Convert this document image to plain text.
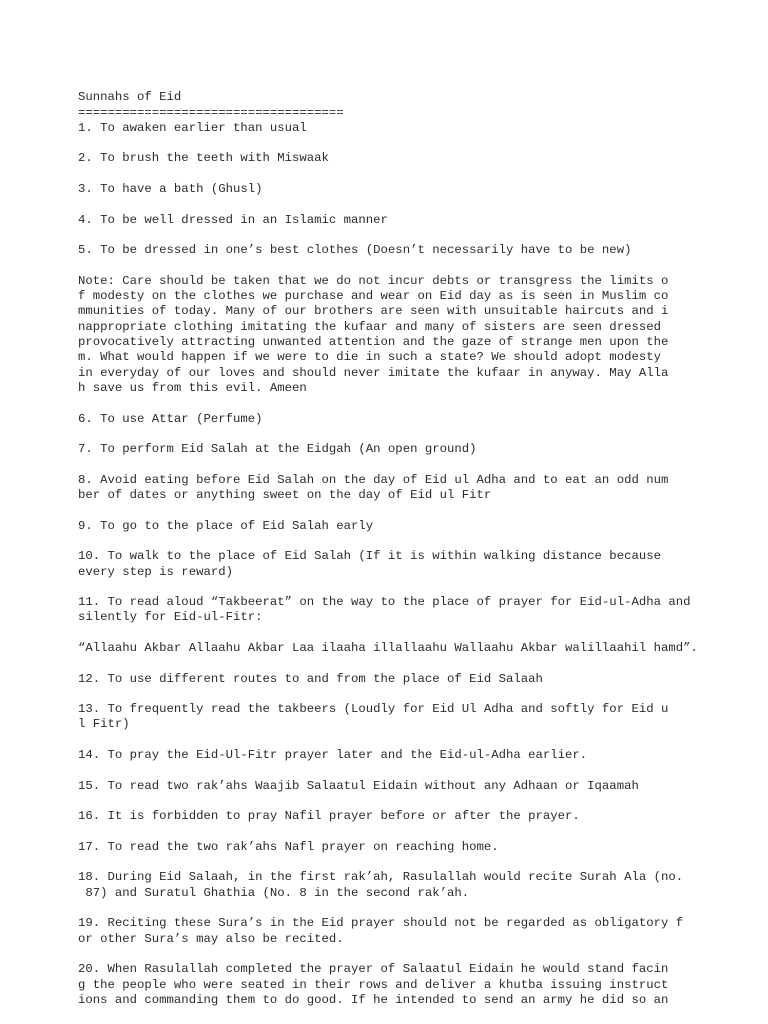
Sunnahs of Eid
====================================
1. To awaken earlier than usual
2. To brush the teeth with Miswaak
3. To have a bath (Ghusl)
4. To be well dressed in an Islamic manner
5. To be dressed in one’s best clothes (Doesn’t necessarily have to be new)
Note: Care should be taken that we do not incur debts or transgress the limits o
f modesty on the clothes we purchase and wear on Eid day as is seen in Muslim co
mmunities of today. Many of our brothers are seen with unsuitable haircuts and i
nappropriate clothing imitating the kufaar and many of sisters are seen dressed
provocatively attracting unwanted attention and the gaze of strange men upon the
m. What would happen if we were to die in such a state? We should adopt modesty
in everyday of our loves and should never imitate the kufaar in anyway. May Alla
h save us from this evil. Ameen
6. To use Attar (Perfume)
7. To perform Eid Salah at the Eidgah (An open ground)
8. Avoid eating before Eid Salah on the day of Eid ul Adha and to eat an odd num
ber of dates or anything sweet on the day of Eid ul Fitr
9. To go to the place of Eid Salah early
10. To walk to the place of Eid Salah (If it is within walking distance because
every step is reward)
11. To read aloud “Takbeerat” on the way to the place of prayer for Eid-ul-Adha and
silently for Eid-ul-Fitr:
“Allaahu Akbar Allaahu Akbar Laa ilaaha illallaahu Wallaahu Akbar walillaahil hamd”.
12. To use different routes to and from the place of Eid Salaah
13. To frequently read the takbeers (Loudly for Eid Ul Adha and softly for Eid u
l Fitr)
14. To pray the Eid-Ul-Fitr prayer later and the Eid-ul-Adha earlier.
15. To read two rak’ahs Waajib Salaatul Eidain without any Adhaan or Iqaamah
16. It is forbidden to pray Nafil prayer before or after the prayer.
17. To read the two rak’ahs Nafl prayer on reaching home.
18. During Eid Salaah, in the first rak’ah, Rasulallah would recite Surah Ala (no.
87) and Suratul Ghathia (No. 8 in the second rak’ah.
19. Reciting these Sura’s in the Eid prayer should not be regarded as obligatory f
or other Sura’s may also be recited.
20. When Rasulallah completed the prayer of Salaatul Eidain he would stand facin
g the people who were seated in their rows and deliver a khutba issuing instruct
ions and commanding them to do good. If he intended to send an army he did so an
